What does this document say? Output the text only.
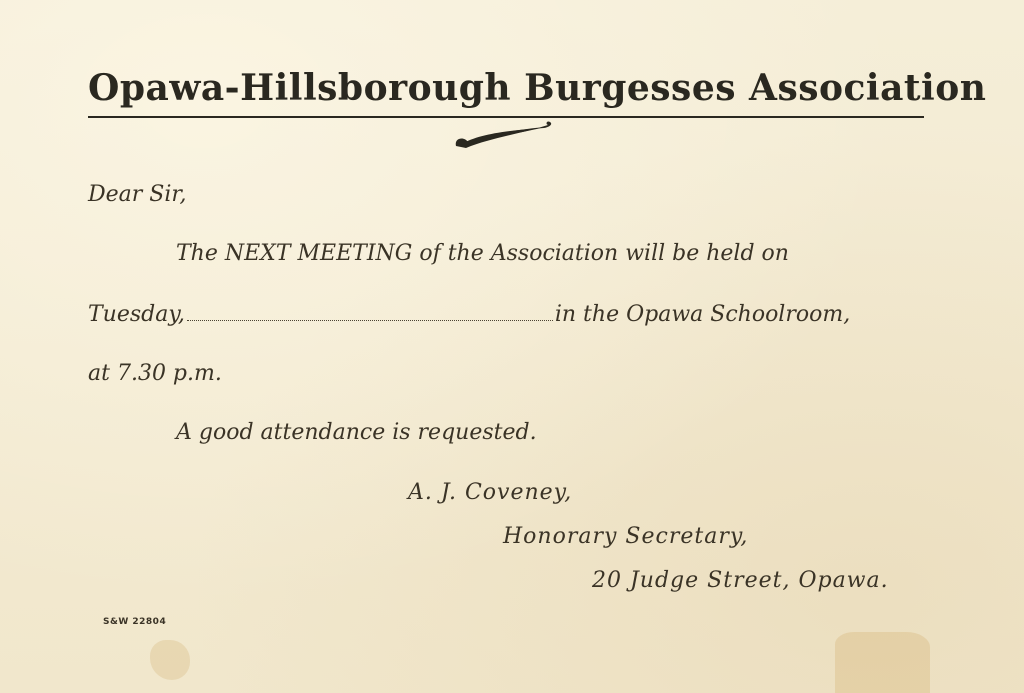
Opawa-Hillsborough Burgesses Association
Dear Sir,
The NEXT MEETING of the Association will be held on
Tuesday,	in the Opawa Schoolroom,
at 7.30 p.m.
A good attendance is requested.
A. J. Coveney,
Honorary Secretary,
20 Judge Street, Opawa.
S&W 22804
